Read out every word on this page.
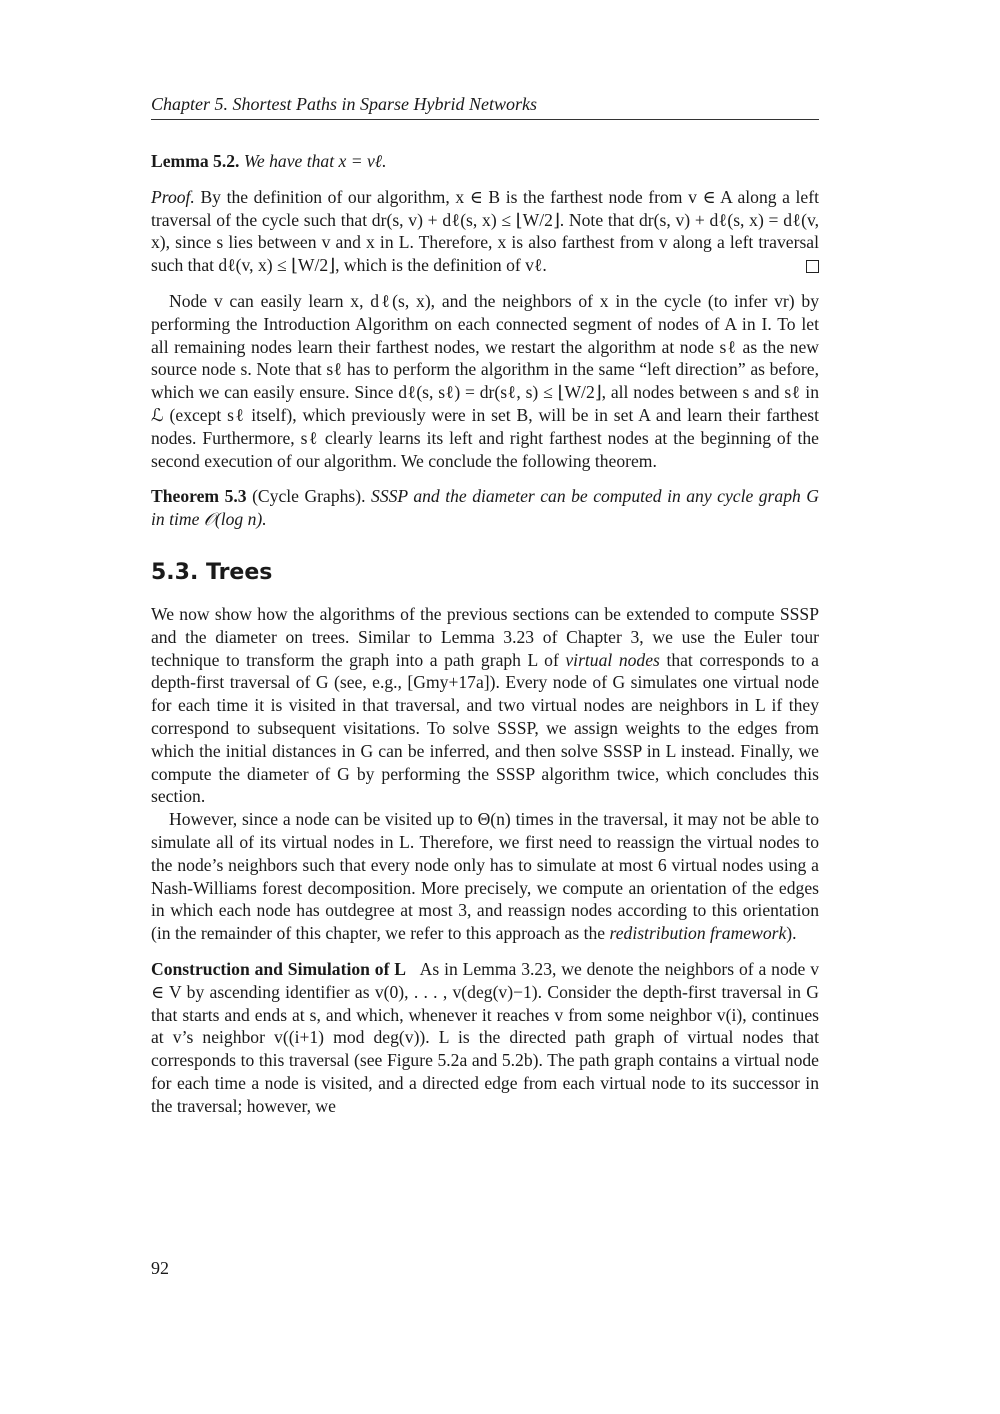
Chapter 5. Shortest Paths in Sparse Hybrid Networks

Lemma 5.2. We have that x = vℓ.

Proof. By the definition of our algorithm, x ∈ B is the farthest node from v ∈ A along a left traversal of the cycle such that dr(s, v) + dℓ(s, x) ≤ ⌊W/2⌋. Note that dr(s, v) + dℓ(s, x) = dℓ(v, x), since s lies between v and x in L. Therefore, x is also farthest from v along a left traversal such that dℓ(v, x) ≤ ⌊W/2⌋, which is the definition of vℓ.

Node v can easily learn x, dℓ(s, x), and the neighbors of x in the cycle (to infer vr) by performing the Introduction Algorithm on each connected segment of nodes of A in I. To let all remaining nodes learn their farthest nodes, we restart the algorithm at node sℓ as the new source node s. Note that sℓ has to perform the algorithm in the same “left direction” as before, which we can easily ensure. Since dℓ(s, sℓ) = dr(sℓ, s) ≤ ⌊W/2⌋, all nodes between s and sℓ in ℒ (except sℓ itself), which previously were in set B, will be in set A and learn their farthest nodes. Furthermore, sℓ clearly learns its left and right farthest nodes at the beginning of the second execution of our algorithm. We conclude the following theorem.

Theorem 5.3 (Cycle Graphs). SSSP and the diameter can be computed in any cycle graph G in time 𝒪(log n).

5.3. Trees

We now show how the algorithms of the previous sections can be extended to compute SSSP and the diameter on trees. Similar to Lemma 3.23 of Chapter 3, we use the Euler tour technique to transform the graph into a path graph L of virtual nodes that corresponds to a depth-first traversal of G (see, e.g., [Gmy+17a]). Every node of G simulates one virtual node for each time it is visited in that traversal, and two virtual nodes are neighbors in L if they correspond to subsequent visitations. To solve SSSP, we assign weights to the edges from which the initial distances in G can be inferred, and then solve SSSP in L instead. Finally, we compute the diameter of G by performing the SSSP algorithm twice, which concludes this section.

However, since a node can be visited up to Θ(n) times in the traversal, it may not be able to simulate all of its virtual nodes in L. Therefore, we first need to reassign the virtual nodes to the node’s neighbors such that every node only has to simulate at most 6 virtual nodes using a Nash-Williams forest decomposition. More precisely, we compute an orientation of the edges in which each node has outdegree at most 3, and reassign nodes according to this orientation (in the remainder of this chapter, we refer to this approach as the redistribution framework).

Construction and Simulation of L As in Lemma 3.23, we denote the neighbors of a node v ∈ V by ascending identifier as v(0), . . . , v(deg(v)−1). Consider the depth-first traversal in G that starts and ends at s, and which, whenever it reaches v from some neighbor v(i), continues at v’s neighbor v((i+1) mod deg(v)). L is the directed path graph of virtual nodes that corresponds to this traversal (see Figure 5.2a and 5.2b). The path graph contains a virtual node for each time a node is visited, and a directed edge from each virtual node to its successor in the traversal; however, we

92
